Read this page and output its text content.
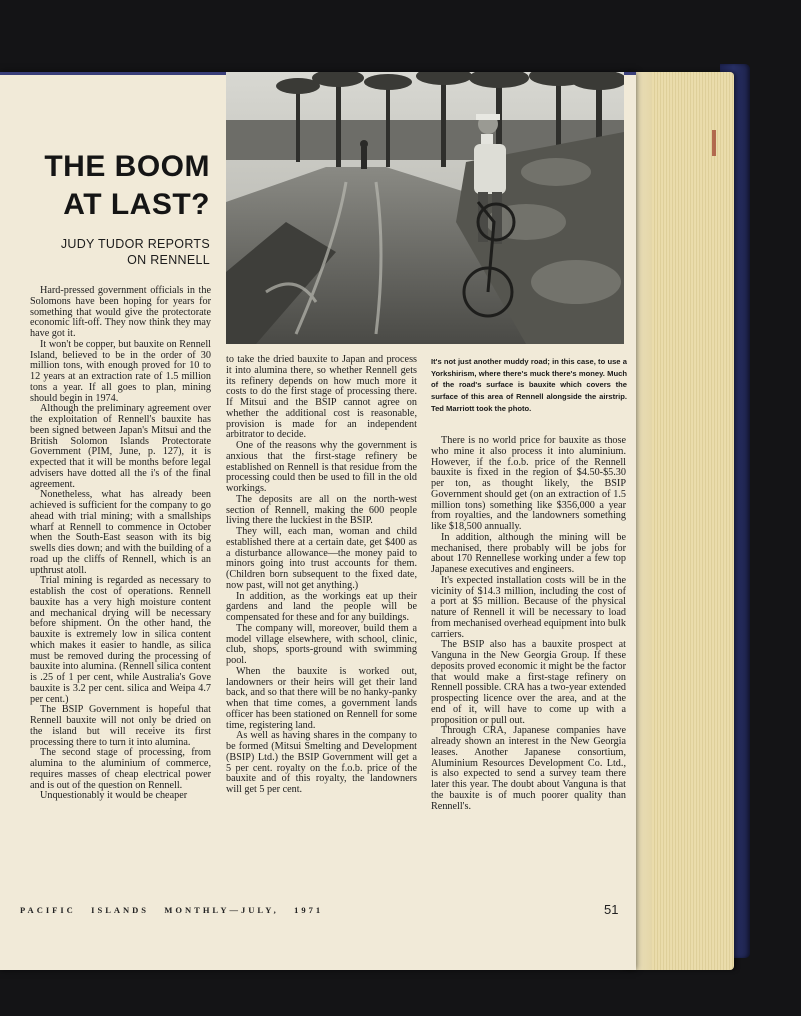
THE BOOM
AT LAST?
JUDY TUDOR REPORTS
ON RENNELL
It's not just another muddy road; in this case, to use a Yorkshirism, where there's muck there's money. Much of the road's surface is bauxite which covers the surface of this area of Rennell alongside the airstrip. Ted Marriott took the photo.

Hard-pressed government officials in the Solomons have been hoping for years for something that would give the protectorate economic lift-off. They now think they may have got it.

It won't be copper, but bauxite on Rennell Island, believed to be in the order of 30 million tons, with enough proved for 10 to 12 years at an extraction rate of 1.5 million tons a year. If all goes to plan, mining should begin in 1974.

Although the preliminary agreement over the exploitation of Rennell's bauxite has been signed between Japan's Mitsui and the British Solomon Islands Protectorate Government (PIM, June, p. 127), it is expected that it will be months before legal advisers have dotted all the i's of the final agreement.

Nonetheless, what has already been achieved is sufficient for the company to go ahead with trial mining; with a smallships wharf at Rennell to commence in October when the South-East season with its big swells dies down; and with the building of a road up the cliffs of Rennell, which is an upthrust atoll.

Trial mining is regarded as necessary to establish the cost of operations. Rennell bauxite has a very high moisture content and mechanical drying will be necessary before shipment. On the other hand, the bauxite is extremely low in silica content which makes it easier to handle, as silica must be removed during the processing of bauxite into alumina. (Rennell silica content is .25 of 1 per cent, while Australia's Gove bauxite is 3.2 per cent. silica and Weipa 4.7 per cent.)

The BSIP Government is hopeful that Rennell bauxite will not only be dried on the island but will receive its first processing there to turn it into alumina.

The second stage of processing, from alumina to the aluminium of commerce, requires masses of cheap electrical power and is out of the question on Rennell.

Unquestionably it would be cheaper

to take the dried bauxite to Japan and process it into alumina there, so whether Rennell gets its refinery depends on how much more it costs to do the first stage of processing there. If Mitsui and the BSIP cannot agree on whether the additional cost is reasonable, provision is made for an independent arbitrator to decide.

One of the reasons why the government is anxious that the first-stage refinery be established on Rennell is that residue from the processing could then be used to fill in the old workings.

The deposits are all on the north-west section of Rennell, making the 600 people living there the luckiest in the BSIP.

They will, each man, woman and child established there at a certain date, get $400 as a disturbance allowance—the money paid to minors going into trust accounts for them. (Children born subsequent to the fixed date, now past, will not get anything.)

In addition, as the workings eat up their gardens and land the people will be compensated for these and for any buildings.

The company will, moreover, build them a model village elsewhere, with school, clinic, club, shops, sports-ground with swimming pool.

When the bauxite is worked out, landowners or their heirs will get their land back, and so that there will be no hanky-panky when that time comes, a government lands officer has been stationed on Rennell for some time, registering land.

As well as having shares in the company to be formed (Mitsui Smelting and Development (BSIP) Ltd.) the BSIP Government will get a 5 per cent. royalty on the f.o.b. price of the bauxite and of this royalty, the landowners will get 5 per cent.

There is no world price for bauxite as those who mine it also process it into aluminium. However, if the f.o.b. price of the Rennell bauxite is fixed in the region of $4.50-$5.30 per ton, as thought likely, the BSIP Government should get (on an extraction of 1.5 million tons) something like $356,000 a year from royalties, and the landowners something like $18,500 annually.

In addition, although the mining will be mechanised, there probably will be jobs for about 170 Rennellese working under a few top Japanese executives and engineers.

It's expected installation costs will be in the vicinity of $14.3 million, including the cost of a port at $5 million. Because of the physical nature of Rennell it will be necessary to load from mechanised overhead equipment into bulk carriers.

The BSIP also has a bauxite prospect at Vanguna in the New Georgia Group. If these deposits proved economic it might be the factor that would make a first-stage refinery on Rennell possible. CRA has a two-year extended prospecting licence over the area, and at the end of it, will have to come up with a proposition or pull out.

Through CRA, Japanese companies have already shown an interest in the New Georgia leases. Another Japanese consortium, Aluminium Resources Development Co. Ltd., is also expected to send a survey team there later this year. The doubt about Vanguna is that the bauxite is of much poorer quality than Rennell's.

PACIFIC   ISLANDS   MONTHLY—JULY,   1971	51
